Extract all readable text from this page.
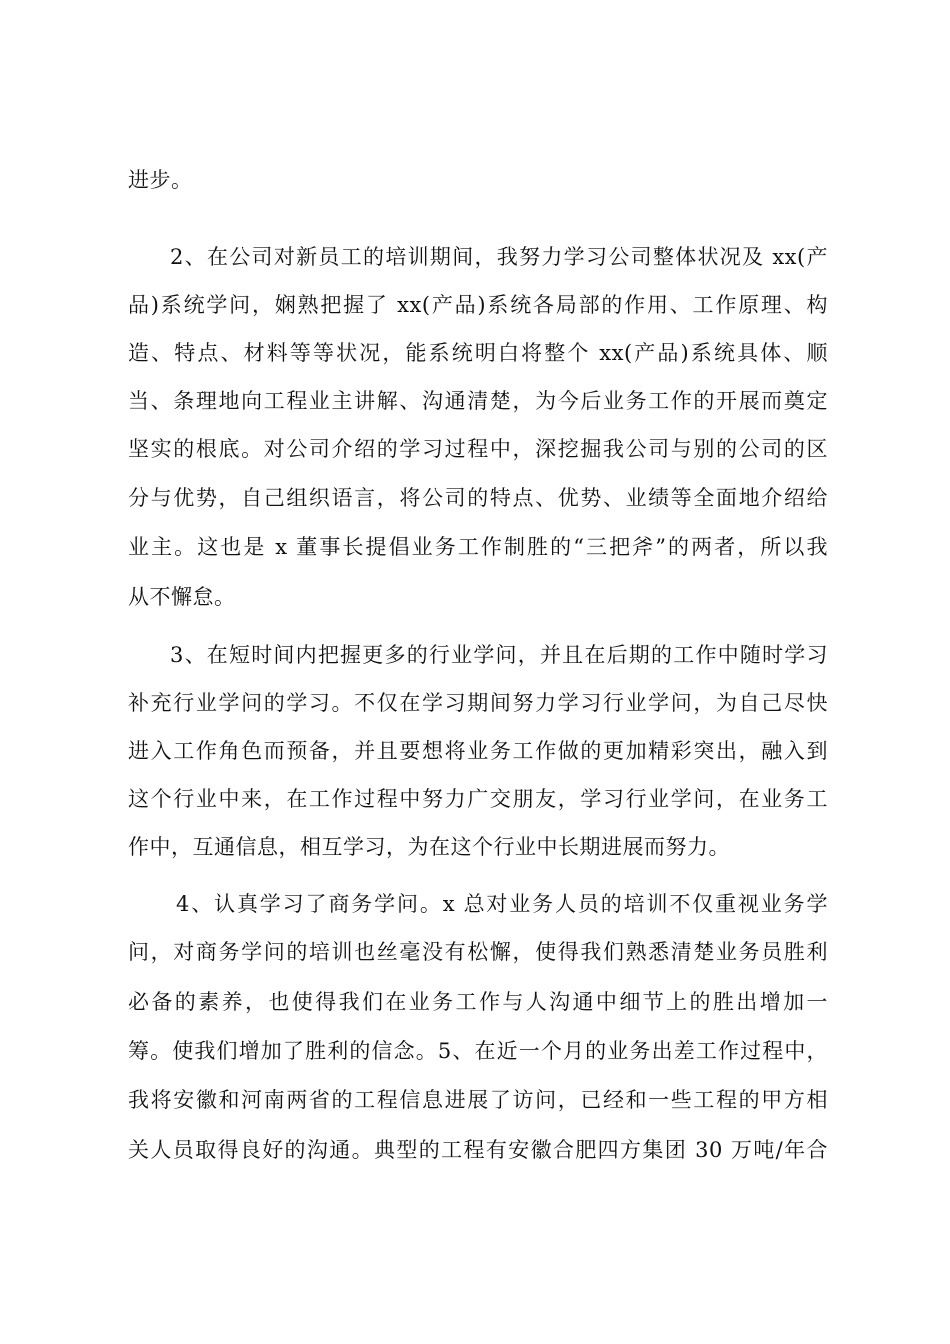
进步。
2、在公司对新员工的培训期间，我努力学习公司整体状况及 xx(产
品)系统学问，娴熟把握了 xx(产品)系统各局部的作用、工作原理、构
造、特点、材料等等状况，能系统明白将整个 xx(产品)系统具体、顺
当、条理地向工程业主讲解、沟通清楚，为今后业务工作的开展而奠定
坚实的根底。对公司介绍的学习过程中，深挖掘我公司与别的公司的区
分与优势，自己组织语言，将公司的特点、优势、业绩等全面地介绍给
业主。这也是 x 董事长提倡业务工作制胜的“三把斧”的两者，所以我
从不懈怠。
3、在短时间内把握更多的行业学问，并且在后期的工作中随时学习
补充行业学问的学习。不仅在学习期间努力学习行业学问，为自己尽快
进入工作角色而预备，并且要想将业务工作做的更加精彩突出，融入到
这个行业中来，在工作过程中努力广交朋友，学习行业学问，在业务工
作中，互通信息，相互学习，为在这个行业中长期进展而努力。
4、认真学习了商务学问。x 总对业务人员的培训不仅重视业务学
问，对商务学问的培训也丝毫没有松懈，使得我们熟悉清楚业务员胜利
必备的素养，也使得我们在业务工作与人沟通中细节上的胜出增加一
筹。使我们增加了胜利的信念。5、在近一个月的业务出差工作过程中，
我将安徽和河南两省的工程信息进展了访问，已经和一些工程的甲方相
关人员取得良好的沟通。典型的工程有安徽合肥四方集团 30 万吨/年合
